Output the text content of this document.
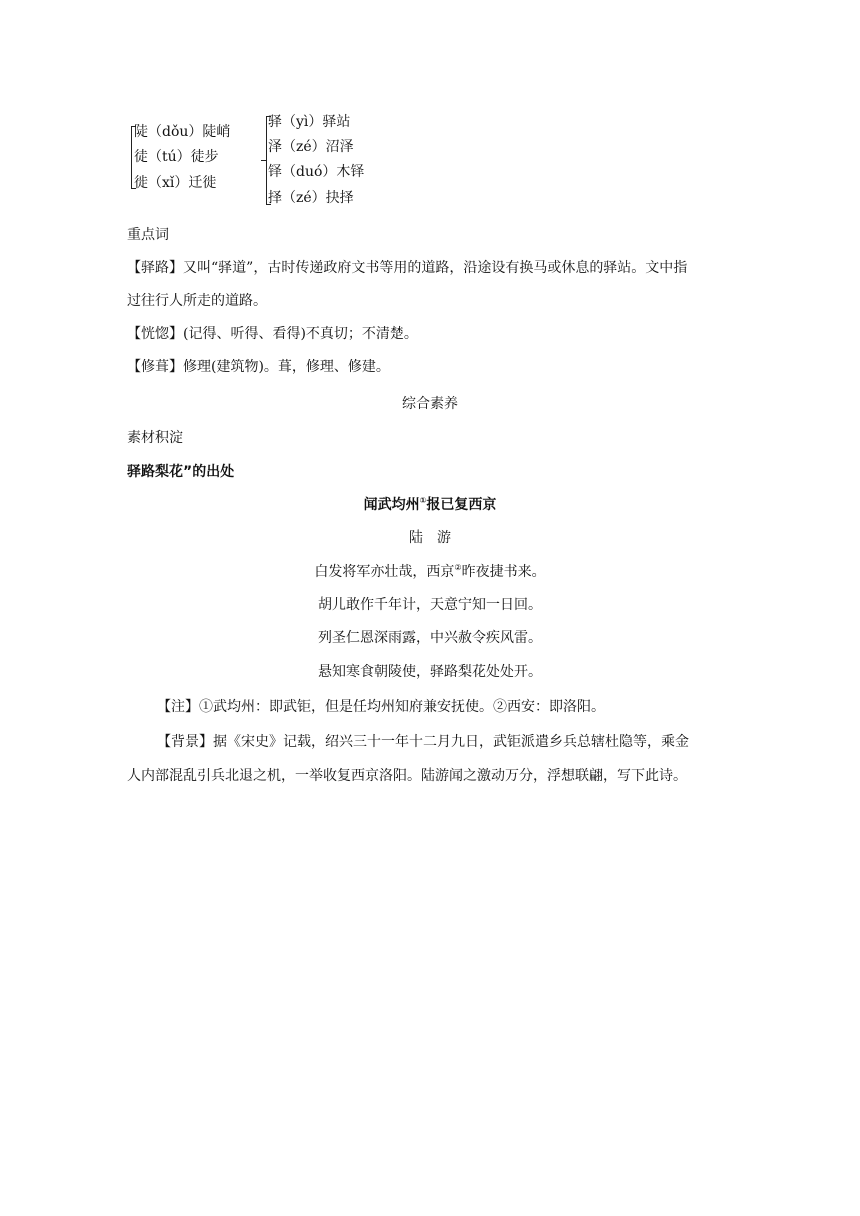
陡（dǒu）陡峭
徒（tú）徒步
徙（xǐ）迁徙
驿（yì）驿站
泽（zé）沼泽
铎（duó）木铎
择（zé）抉择
重点词
【驿路】又叫“驿道”，古时传递政府文书等用的道路，沿途设有换马或休息的驿站。文中指
过往行人所走的道路。
【恍惚】(记得、听得、看得)不真切；不清楚。
【修葺】修理(建筑物)。葺，修理、修建。
综合素养
素材积淀
驿路梨花”的出处
闻武均州①报已复西京
陆　游
白发将军亦壮哉，西京②昨夜捷书来。
胡儿敢作千年计，天意宁知一日回。
列圣仁恩深雨露，中兴赦令疾风雷。
悬知寒食朝陵使，驿路梨花处处开。
【注】①武均州：即武钜，但是任均州知府兼安抚使。②西安：即洛阳。
【背景】据《宋史》记载，绍兴三十一年十二月九日，武钜派遣乡兵总辖杜隐等，乘金
人内部混乱引兵北退之机，一举收复西京洛阳。陆游闻之激动万分，浮想联翩，写下此诗。
